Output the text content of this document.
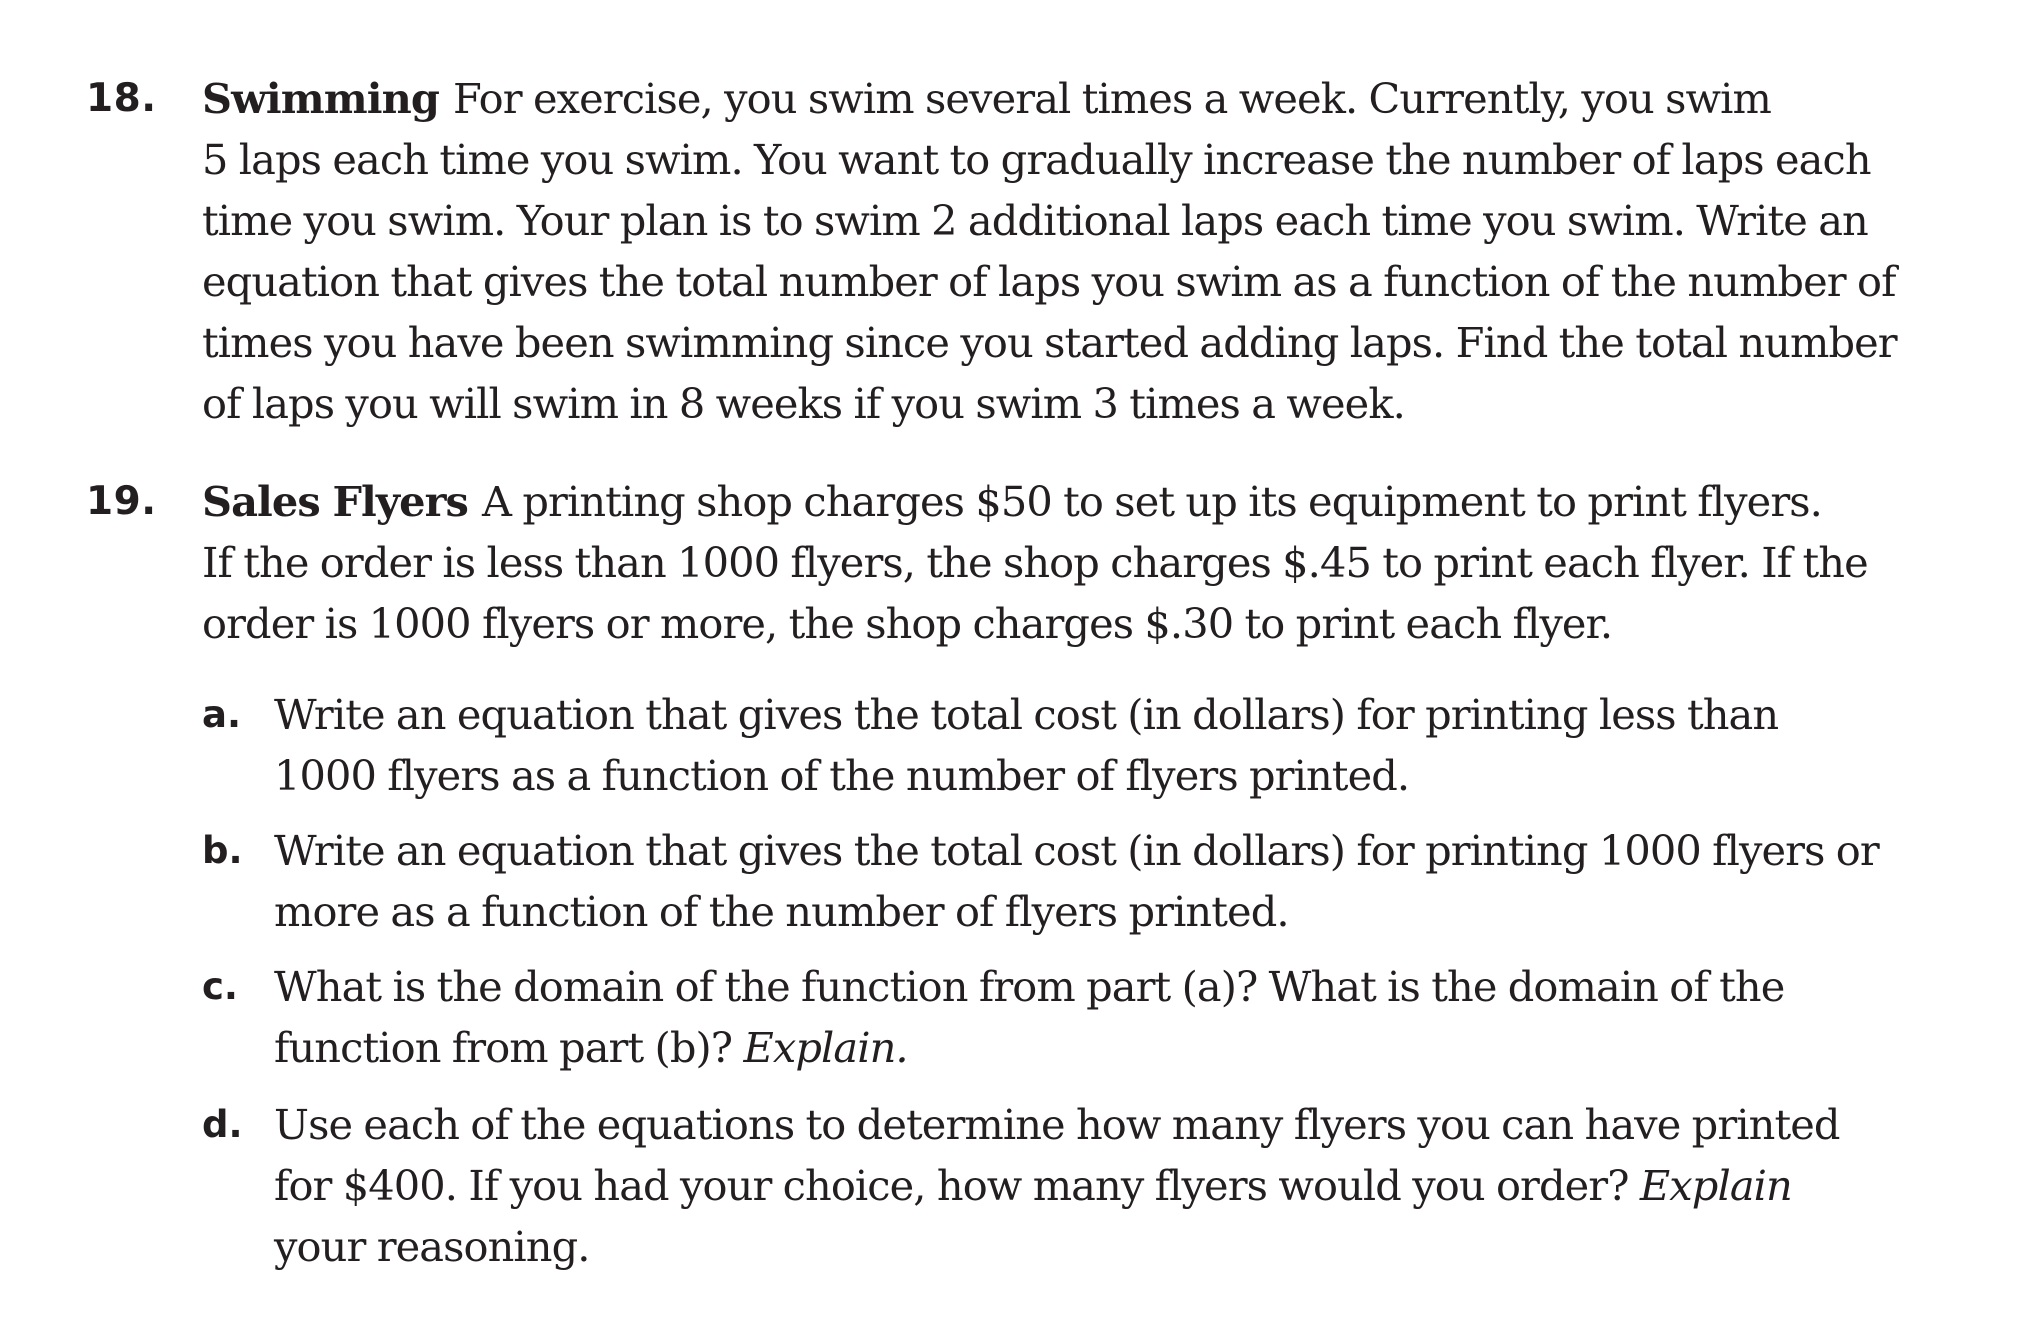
18. Swimming For exercise, you swim several times a week. Currently, you swim
5 laps each time you swim. You want to gradually increase the number of laps each
time you swim. Your plan is to swim 2 additional laps each time you swim. Write an
equation that gives the total number of laps you swim as a function of the number of
times you have been swimming since you started adding laps. Find the total number
of laps you will swim in 8 weeks if you swim 3 times a week.
19. Sales Flyers A printing shop charges $50 to set up its equipment to print flyers.
If the order is less than 1000 flyers, the shop charges $.45 to print each flyer. If the
order is 1000 flyers or more, the shop charges $.30 to print each flyer.
a. Write an equation that gives the total cost (in dollars) for printing less than
1000 flyers as a function of the number of flyers printed.
b. Write an equation that gives the total cost (in dollars) for printing 1000 flyers or
more as a function of the number of flyers printed.
c. What is the domain of the function from part (a)? What is the domain of the
function from part (b)? Explain.
d. Use each of the equations to determine how many flyers you can have printed
for $400. If you had your choice, how many flyers would you order? Explain
your reasoning.
